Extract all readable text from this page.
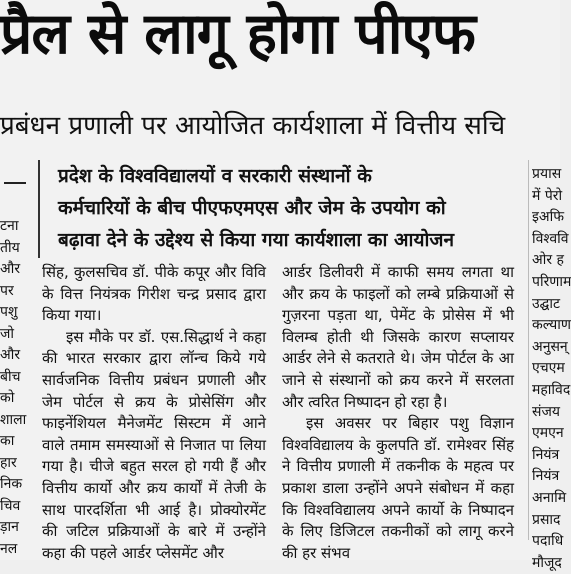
प्रैल से लागू होगा पीएफ
प्रबंधन प्रणाली पर आयोजित कार्यशाला में वित्तीय सचि
टना
तीय
और
पर
पशु
जो
और
बीच
को
शाला
का
हार
निक
चिव
ड़ान
नल
प्रदेश के विश्वविद्यालयों व सरकारी संस्थानों के
कर्मचारियों के बीच पीएफएमएस और जेम के उपयोग को
बढ़ावा देने के उद्देश्य से किया गया कार्यशाला का आयोजन

सिंह, कुलसचिव डॉ. पीके कपूर और विवि के वित्त नियंत्रक गिरीश चन्द्र प्रसाद द्वारा किया गया।

इस मौके पर डॉ. एस.सिद्धार्थ ने कहा की भारत सरकार द्वारा लॉन्च किये गये सार्वजनिक वित्तीय प्रबंधन प्रणाली और जेम पोर्टल से क्रय के प्रोसेसिंग और फाइनेंशियल मैनेजमेंट सिस्टम में आने वाले तमाम समस्याओं से निजात पा लिया गया है। चीजे बहुत सरल हो गयी हैं और वित्तीय कार्यो और क्रय कार्यों में तेजी के साथ पारदर्शिता भी आई है। प्रोक्योरमेंट की जटिल प्रक्रियाओं के बारे में उन्होंने कहा की पहले आर्डर प्लेसमेंट और

आर्डर डिलीवरी में काफी समय लगता था और क्रय के फाइलों को लम्बे प्रक्रियाओं से गुज़रना पड़ता था, पेमेंट के प्रोसेस में भी विलम्ब होती थी जिसके कारण सप्लायर आर्डर लेने से कतराते थे। जेम पोर्टल के आ जाने से संस्थानों को क्रय करने में सरलता और त्वरित निष्पादन हो रहा है।

इस अवसर पर बिहार पशु विज्ञान विश्वविद्यालय के कुलपति डॉ. रामेश्वर सिंह ने वित्तीय प्रणाली में तकनीक के महत्व पर प्रकाश डाला उन्होंने अपने संबोधन में कहा कि विश्वविद्यालय अपने कार्यो के निष्पादन के लिए डिजिटल तकनीकों को लागू करने की हर संभव

प्रयास
में पेरो
इअफि
विश्ववि
ओर ह
परिणाम
उद्घाट
कल्याण
अनुसन्
एचएम
महाविद
संजय
एमएन
नियंत्र
नियंत्र
अनामि
प्रसाद
पदाधि
मौजूद
